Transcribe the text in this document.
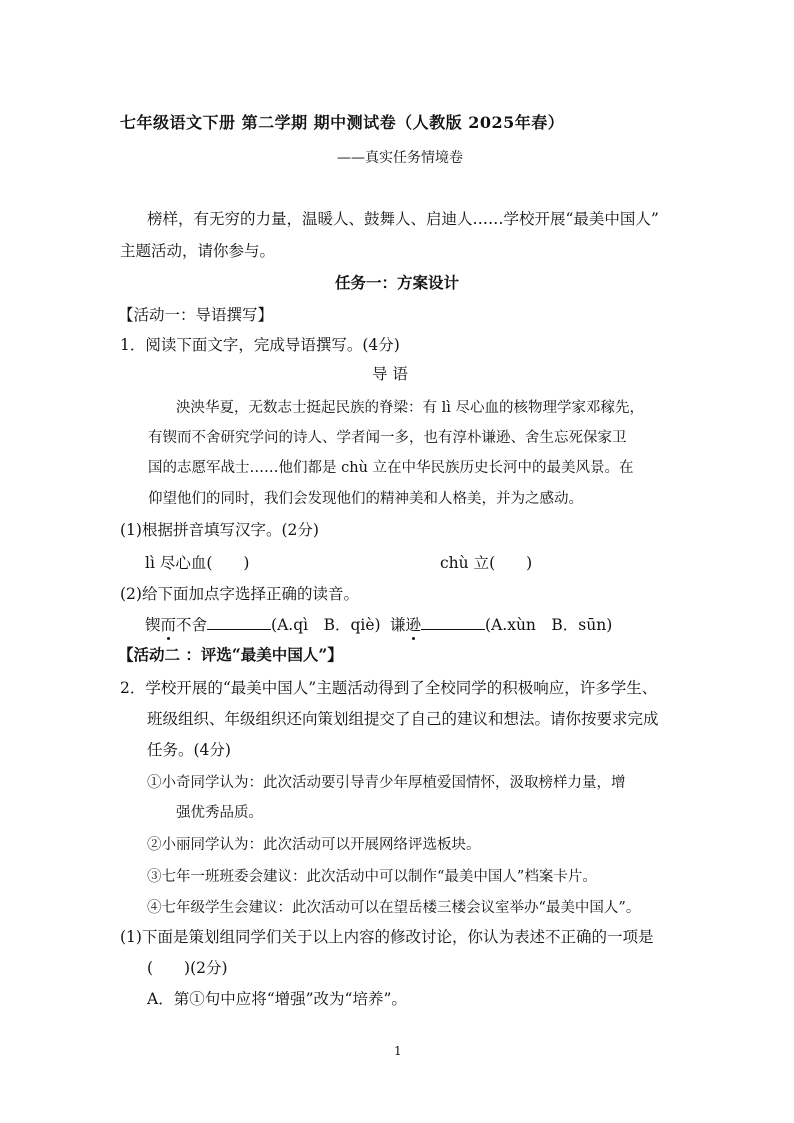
七年级语文下册 第二学期 期中测试卷（人教版 2025年春）
——真实任务情境卷
榜样，有无穷的力量，温暖人、鼓舞人、启迪人……学校开展“最美中国人”
主题活动，请你参与。
任务一：方案设计
【活动一：导语撰写】
1．阅读下面文字，完成导语撰写。(4分)
导 语
泱泱华夏，无数志士挺起民族的脊梁：有 lì 尽心血的核物理学家邓稼先，
有锲而不舍研究学问的诗人、学者闻一多，也有淳朴谦逊、舍生忘死保家卫
国的志愿军战士……他们都是 chù 立在中华民族历史长河中的最美风景。在
仰望他们的同时，我们会发现他们的精神美和人格美，并为之感动。
(1)根据拼音填写汉字。(2分)
lì 尽心血(　　)	chù 立(　　)
(2)给下面加点字选择正确的读音。
锲而不舍	(A.qì　B．qiè) 谦逊	(A.xùn　B．sūn)
【活动二 ：评选“最美中国人”】
2．学校开展的“最美中国人”主题活动得到了全校同学的积极响应，许多学生、
班级组织、年级组织还向策划组提交了自己的建议和想法。请你按要求完成
任务。(4分)
①小奇同学认为：此次活动要引导青少年厚植爱国情怀，汲取榜样力量，增
强优秀品质。
②小丽同学认为：此次活动可以开展网络评选板块。
③七年一班班委会建议：此次活动中可以制作“最美中国人”档案卡片。
④七年级学生会建议：此次活动可以在望岳楼三楼会议室举办“最美中国人”。
(1)下面是策划组同学们关于以上内容的修改讨论，你认为表述不正确的一项是
(　　)(2分)
A．第①句中应将“增强”改为“培养”。
1
